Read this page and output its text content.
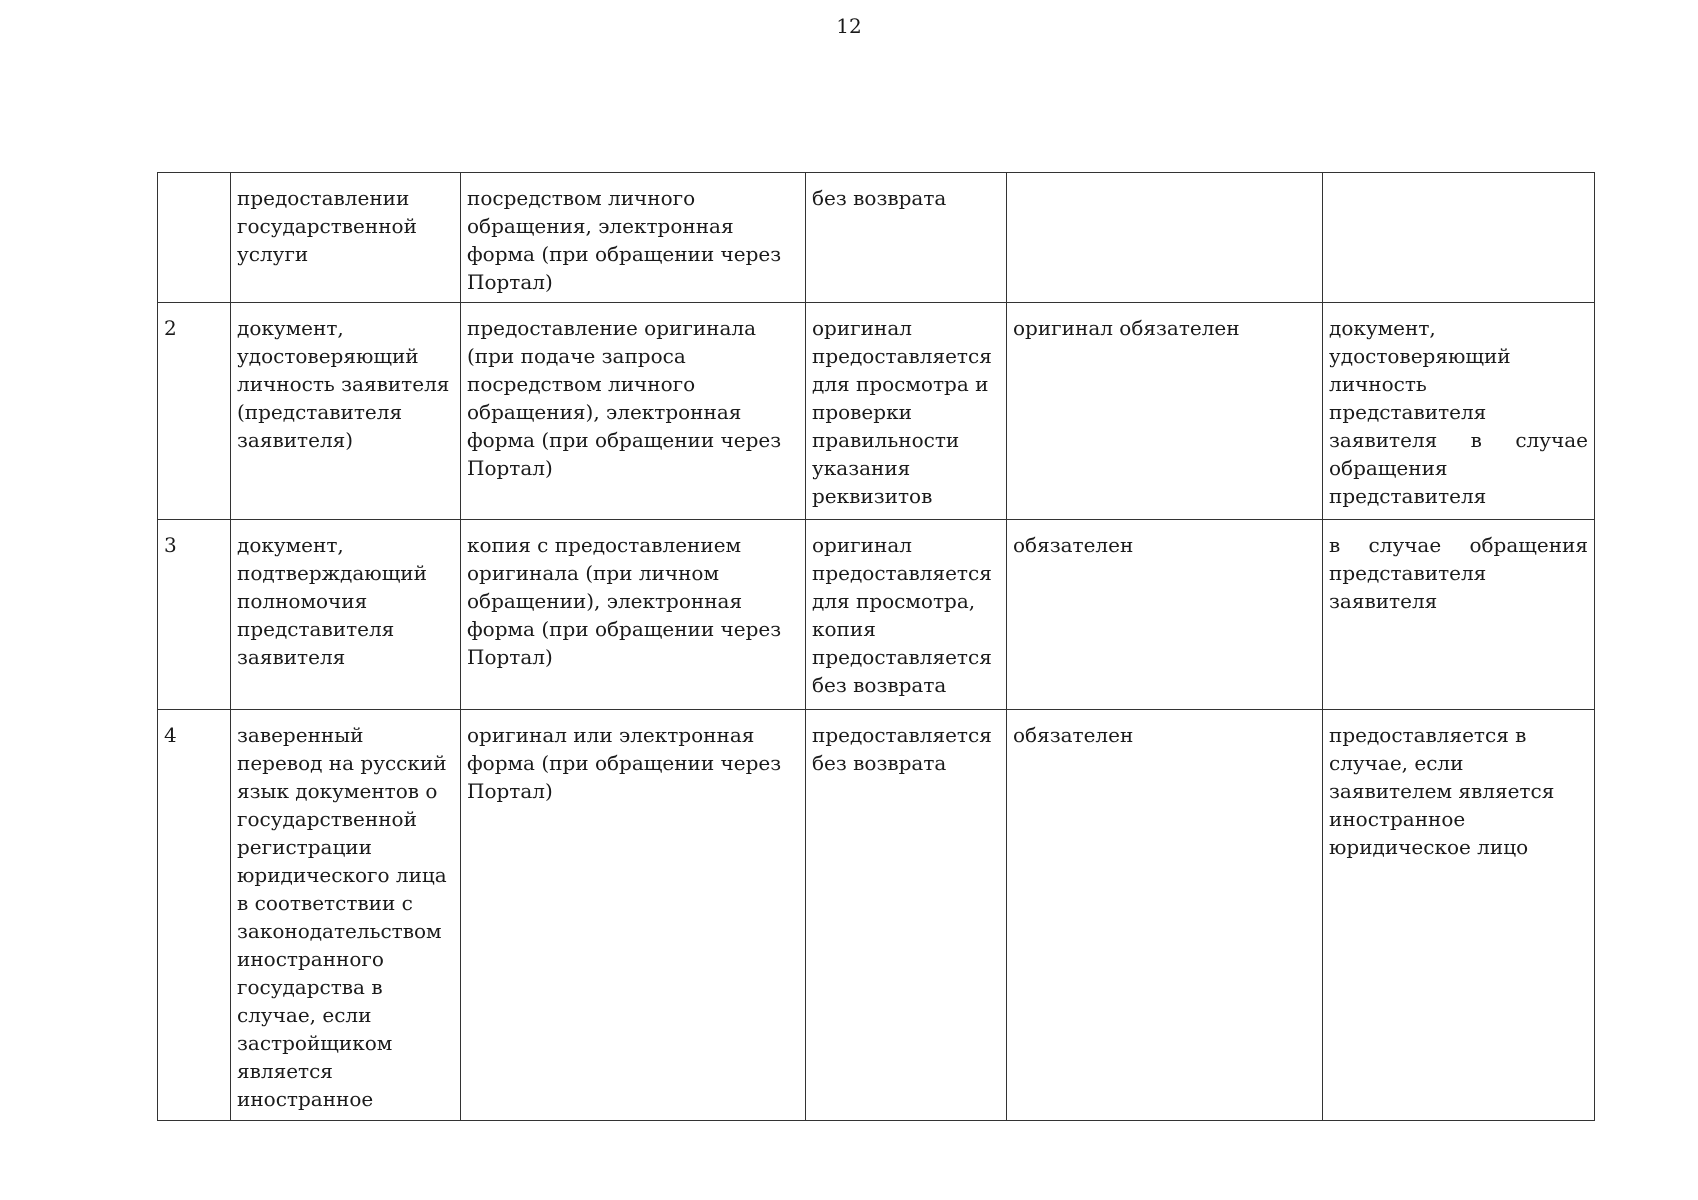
12
	предоставлении государственной услуги	посредством личного обращения, электронная форма (при обращении через Портал)	без возврата		
2	документ, удостоверяющий личность заявителя (представителя заявителя)	предоставление оригинала (при подаче запроса посредством личного обращения), электронная форма (при обращении через Портал)	оригинал предоставляется для просмотра и проверки правильности указания реквизитов	оригинал обязателен	документ, удостоверяющий личность представителя заявителя в случае обращения представителя
3	документ, подтверждающий полномочия представителя заявителя	копия с предоставлением оригинала (при личном обращении), электронная форма (при обращении через Портал)	оригинал предоставляется для просмотра, копия предоставляется без возврата	обязателен	в случае обращения представителя заявителя
4	заверенный перевод на русский язык документов о государственной регистрации юридического лица в соответствии с законодательством иностранного государства в случае, если застройщиком является иностранное	оригинал или электронная форма (при обращении через Портал)	предоставляется без возврата	обязателен	предоставляется в случае, если заявителем является иностранное юридическое лицо
